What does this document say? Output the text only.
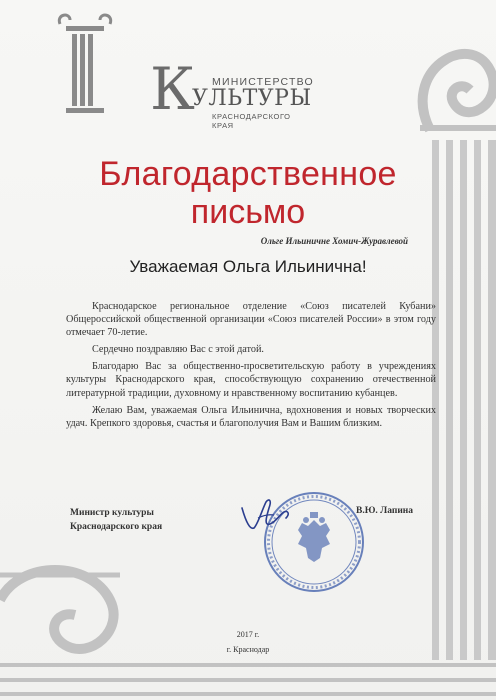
МИНИСТЕРСТВО
К
УЛЬТУРЫ
КРАСНОДАРСКОГО КРАЯ
Благодарственное
письмо
Ольге Ильиничне Хомич-Журавлевой
Уважаемая Ольга Ильинична!

Краснодарское региональное отделение «Союз писателей Кубани» Общероссийской общественной организации «Союз писателей России» в этом году отмечает 70-летие.

Сердечно поздравляю Вас с этой датой.

Благодарю Вас за общественно-просветительскую работу в учреждениях культуры Краснодарского края, способствующую сохранению отечественной литературной традиции, духовному и нравственному воспитанию кубанцев.

Желаю Вам, уважаемая Ольга Ильинична, вдохновения и новых творческих удач. Крепкого здоровья, счастья и благополучия Вам и Вашим близким.

Министр культуры
Краснодарского края
В.Ю. Лапина
2017 г.
г. Краснодар
